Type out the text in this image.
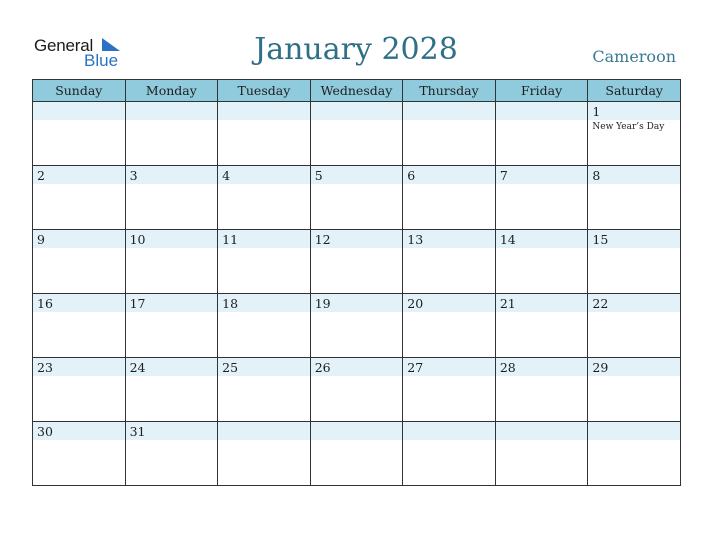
General
Blue	January 2028	Cameroon
Sunday	Monday	Tuesday	Wednesday	Thursday	Friday	Saturday

						1
New Year’s Day

2	3	4	5	6	7	8

9	10	11	12	13	14	15

16	17	18	19	20	21	22

23	24	25	26	27	28	29

30	31					
